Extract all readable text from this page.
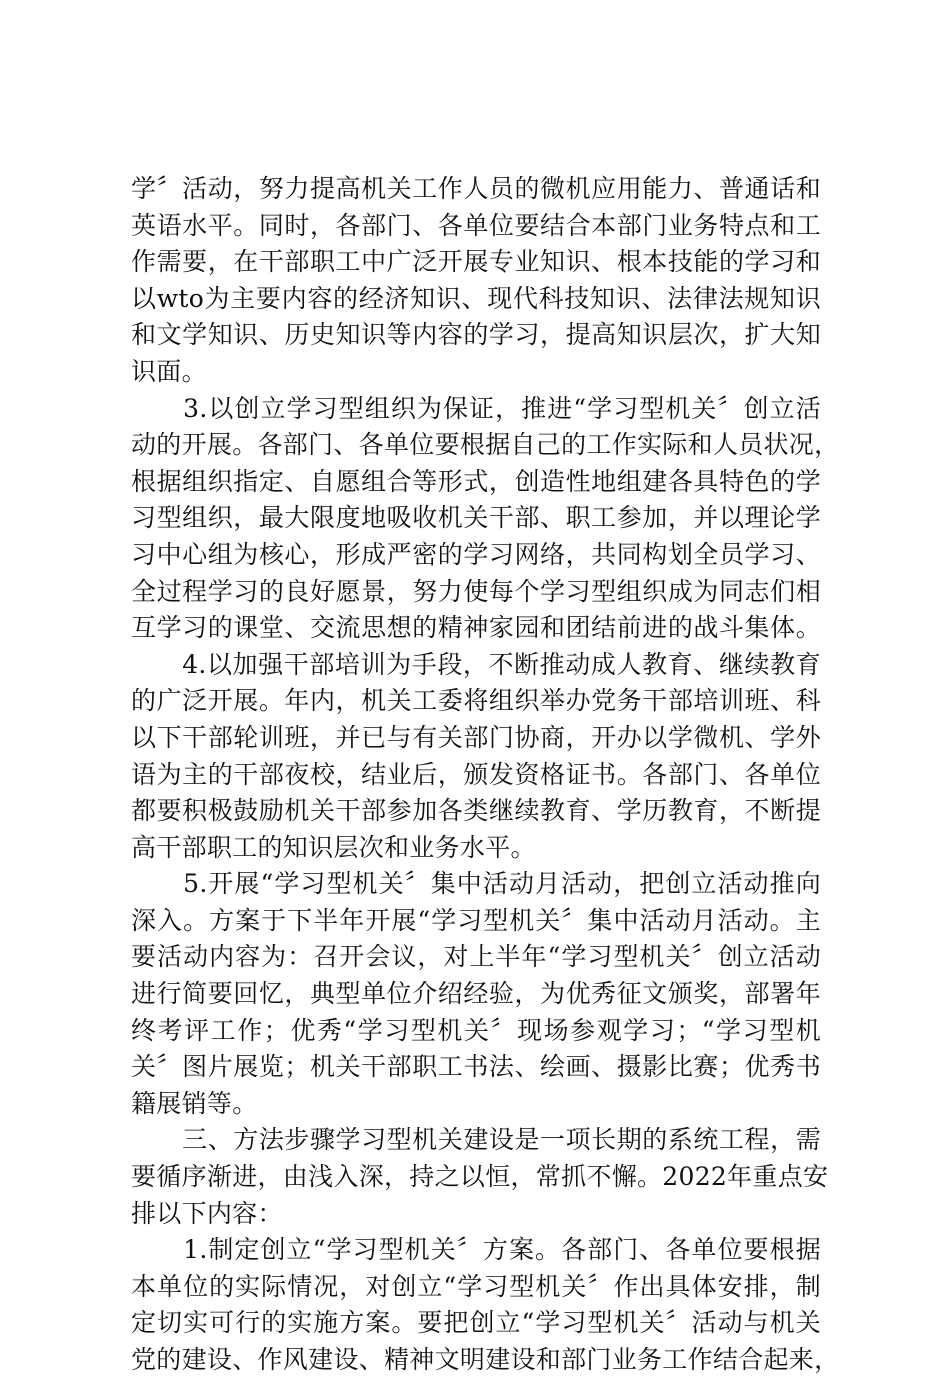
学〞活动，努力提高机关工作人员的微机应用能力、普通话和
英语水平。同时，各部门、各单位要结合本部门业务特点和工
作需要，在干部职工中广泛开展专业知识、根本技能的学习和
以wto为主要内容的经济知识、现代科技知识、法律法规知识
和文学知识、历史知识等内容的学习，提高知识层次，扩大知
识面。
　　3.以创立学习型组织为保证，推进“学习型机关〞创立活
动的开展。各部门、各单位要根据自己的工作实际和人员状况，
根据组织指定、自愿组合等形式，创造性地组建各具特色的学
习型组织，最大限度地吸收机关干部、职工参加，并以理论学
习中心组为核心，形成严密的学习网络，共同构划全员学习、
全过程学习的良好愿景，努力使每个学习型组织成为同志们相
互学习的课堂、交流思想的精神家园和团结前进的战斗集体。
　　4.以加强干部培训为手段，不断推动成人教育、继续教育
的广泛开展。年内，机关工委将组织举办党务干部培训班、科
以下干部轮训班，并已与有关部门协商，开办以学微机、学外
语为主的干部夜校，结业后，颁发资格证书。各部门、各单位
都要积极鼓励机关干部参加各类继续教育、学历教育，不断提
高干部职工的知识层次和业务水平。
　　5.开展“学习型机关〞集中活动月活动，把创立活动推向
深入。方案于下半年开展“学习型机关〞集中活动月活动。主
要活动内容为：召开会议，对上半年“学习型机关〞创立活动
进行简要回忆，典型单位介绍经验，为优秀征文颁奖，部署年
终考评工作；优秀“学习型机关〞现场参观学习；“学习型机
关〞图片展览；机关干部职工书法、绘画、摄影比赛；优秀书
籍展销等。
　　三、方法步骤学习型机关建设是一项长期的系统工程，需
要循序渐进，由浅入深，持之以恒，常抓不懈。2022年重点安
排以下内容：
　　1.制定创立“学习型机关〞方案。各部门、各单位要根据
本单位的实际情况，对创立“学习型机关〞作出具体安排，制
定切实可行的实施方案。要把创立“学习型机关〞活动与机关
党的建设、作风建设、精神文明建设和部门业务工作结合起来，
